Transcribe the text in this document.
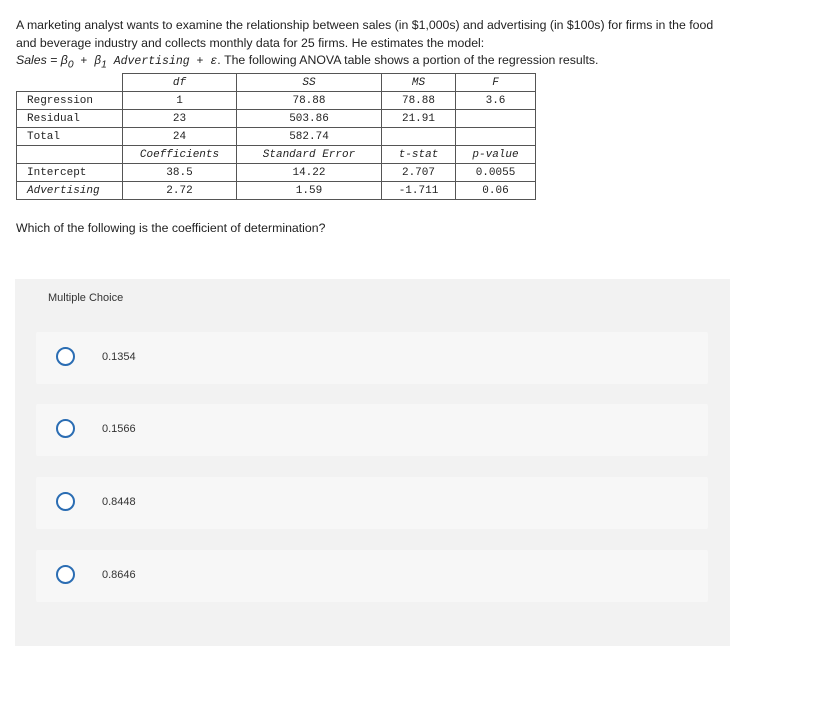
A marketing analyst wants to examine the relationship between sales (in $1,000s) and advertising (in $100s) for firms in the food

and beverage industry and collects monthly data for 25 firms. He estimates the model:

Sales = $\beta_0 + \beta_1$ Advertising + ε. The following ANOVA table shows a portion of the regression results.

	df	SS	MS	F
Regression	1	78.88	78.88	3.6
Residual	23	503.86	21.91	
Total	24	582.74		
	Coefficients	Standard Error	t-stat	p-value
Intercept	38.5	14.22	2.707	0.0055
Advertising	2.72	1.59	-1.711	0.06
Which of the following is the coefficient of determination?
Multiple Choice
0.1354
0.1566
0.8448
0.8646
